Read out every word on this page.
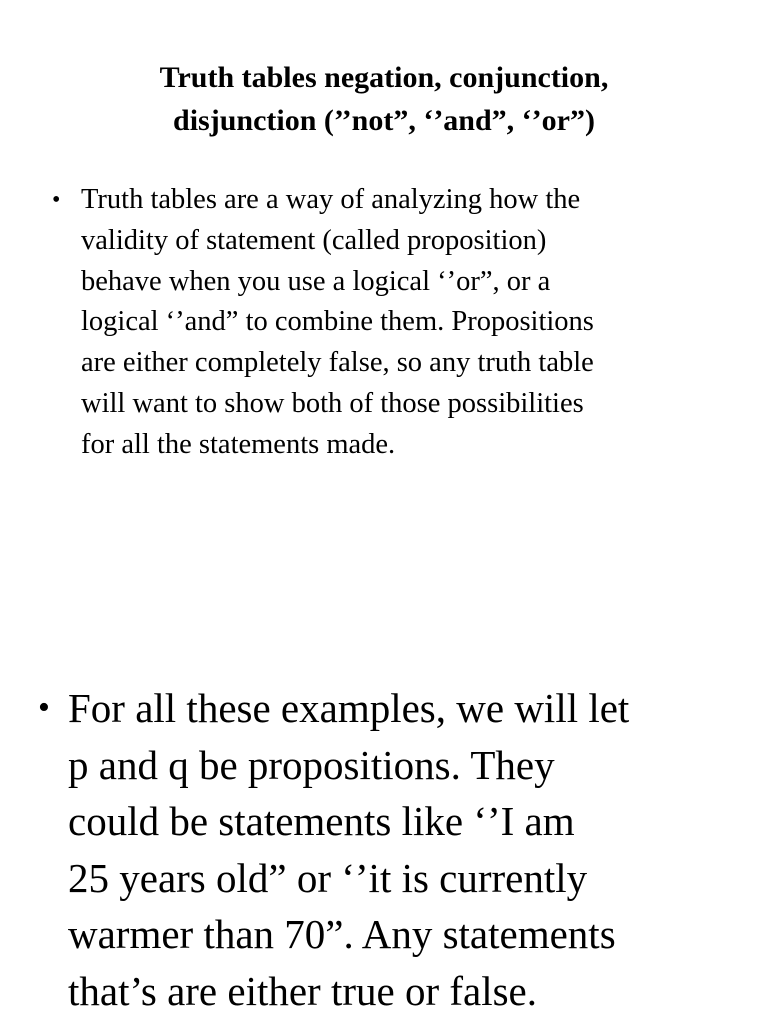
Truth tables negation, conjunction,
disjunction (’’not”, ‘’and”, ‘’or”)
• Truth tables are a way of analyzing how the
validity of statement (called proposition)
behave when you use a logical ‘’or”, or a
logical ‘’and” to combine them. Propositions
are either completely false, so any truth table
will want to show both of those possibilities
for all the statements made.
• For all these examples, we will let
p and q be propositions. They
could be statements like ‘’I am
25 years old” or ‘’it is currently
warmer than 70”. Any statements
that’s are either true or false.
